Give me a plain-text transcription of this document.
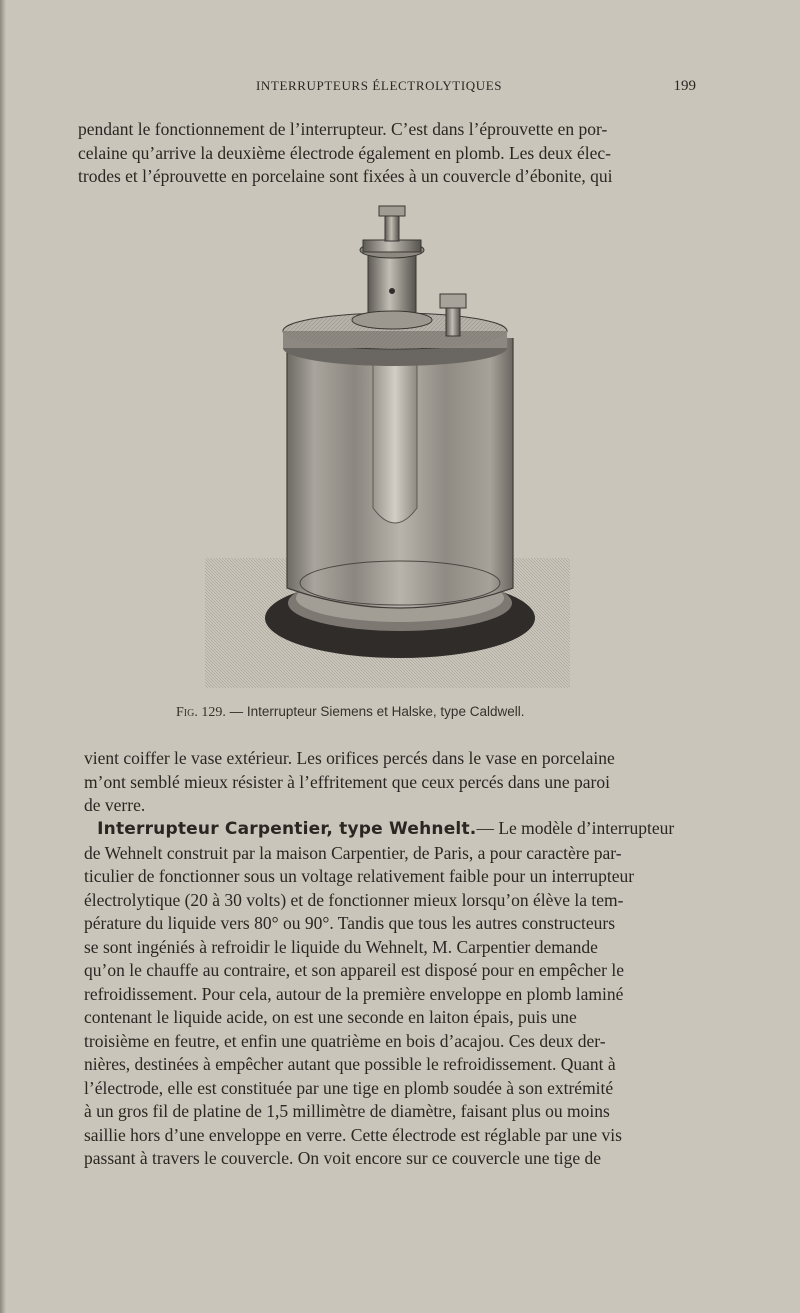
INTERRUPTEURS ÉLECTROLYTIQUES	199

pendant le fonctionnement de l’interrupteur. C’est dans l’éprouvette en por-
celaine qu’arrive la deuxième électrode également en plomb. Les deux élec-
trodes et l’éprouvette en porcelaine sont fixées à un couvercle d’ébonite, qui

Fig. 129. — Interrupteur Siemens et Halske, type Caldwell.

vient coiffer le vase extérieur. Les orifices percés dans le vase en porcelaine
m’ont semblé mieux résister à l’effritement que ceux percés dans une paroi
de verre.

Interrupteur Carpentier, type Wehnelt.— Le modèle d’interrupteur
de Wehnelt construit par la maison Carpentier, de Paris, a pour caractère par-
ticulier de fonctionner sous un voltage relativement faible pour un interrupteur
électrolytique (20 à 30 volts) et de fonctionner mieux lorsqu’on élève la tem-
pérature du liquide vers 80° ou 90°. Tandis que tous les autres constructeurs
se sont ingéniés à refroidir le liquide du Wehnelt, M. Carpentier demande
qu’on le chauffe au contraire, et son appareil est disposé pour en empêcher le
refroidissement. Pour cela, autour de la première enveloppe en plomb laminé
contenant le liquide acide, on est une seconde en laiton épais, puis une
troisième en feutre, et enfin une quatrième en bois d’acajou. Ces deux der-
nières, destinées à empêcher autant que possible le refroidissement. Quant à
l’électrode, elle est constituée par une tige en plomb soudée à son extrémité
à un gros fil de platine de 1,5 millimètre de diamètre, faisant plus ou moins
saillie hors d’une enveloppe en verre. Cette électrode est réglable par une vis
passant à travers le couvercle. On voit encore sur ce couvercle une tige de
